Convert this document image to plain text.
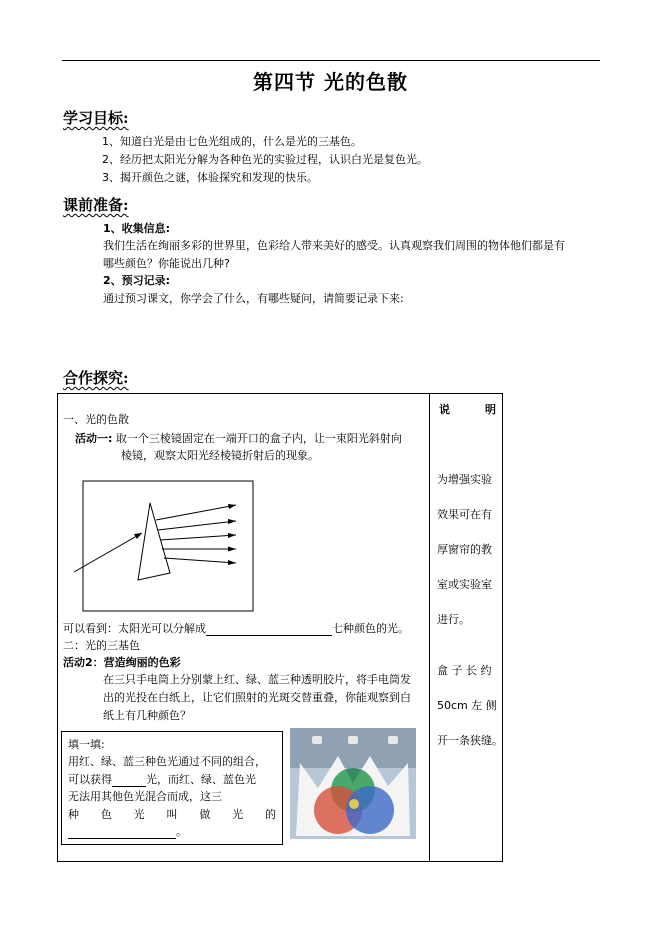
第四节 光的色散
学习目标:
1、知道白光是由七色光组成的，什么是光的三基色。
2、经历把太阳光分解为各种色光的实验过程，认识白光是复色光。
3、揭开颜色之谜，体验探究和发现的快乐。
课前准备:
1、收集信息:
我们生活在绚丽多彩的世界里，色彩给人带来美好的感受。认真观察我们周围的物体他们都是有
哪些颜色？你能说出几种?
2、预习记录:
通过预习课文，你学会了什么，有哪些疑问，请简要记录下来:
合作探究:
一、光的色散
活动一: 取一个三棱镜固定在一端开口的盒子内，让一束阳光斜射向
棱镜，观察太阳光经棱镜折射后的现象。
可以看到：太阳光可以分解成	七种颜色的光。
二：光的三基色
活动2：营造绚丽的色彩
在三只手电筒上分别蒙上红、绿、蓝三种透明胶片，将手电筒发
出的光投在白纸上，让它们照射的光斑交替重叠，你能观察到白
纸上有几种颜色？
填一填:
用红、绿、蓝三种色光通过不同的组合，
可以获得	光，而红、绿、蓝色光
无法用其他色光混合而成，这三
种 色 光 叫 做 光 的
。
说	明
为增强实验
效果可在有
厚窗帘的教
室或实验室
进行。
盒 子 长 约
50cm 左 侧
开一条狭缝。
